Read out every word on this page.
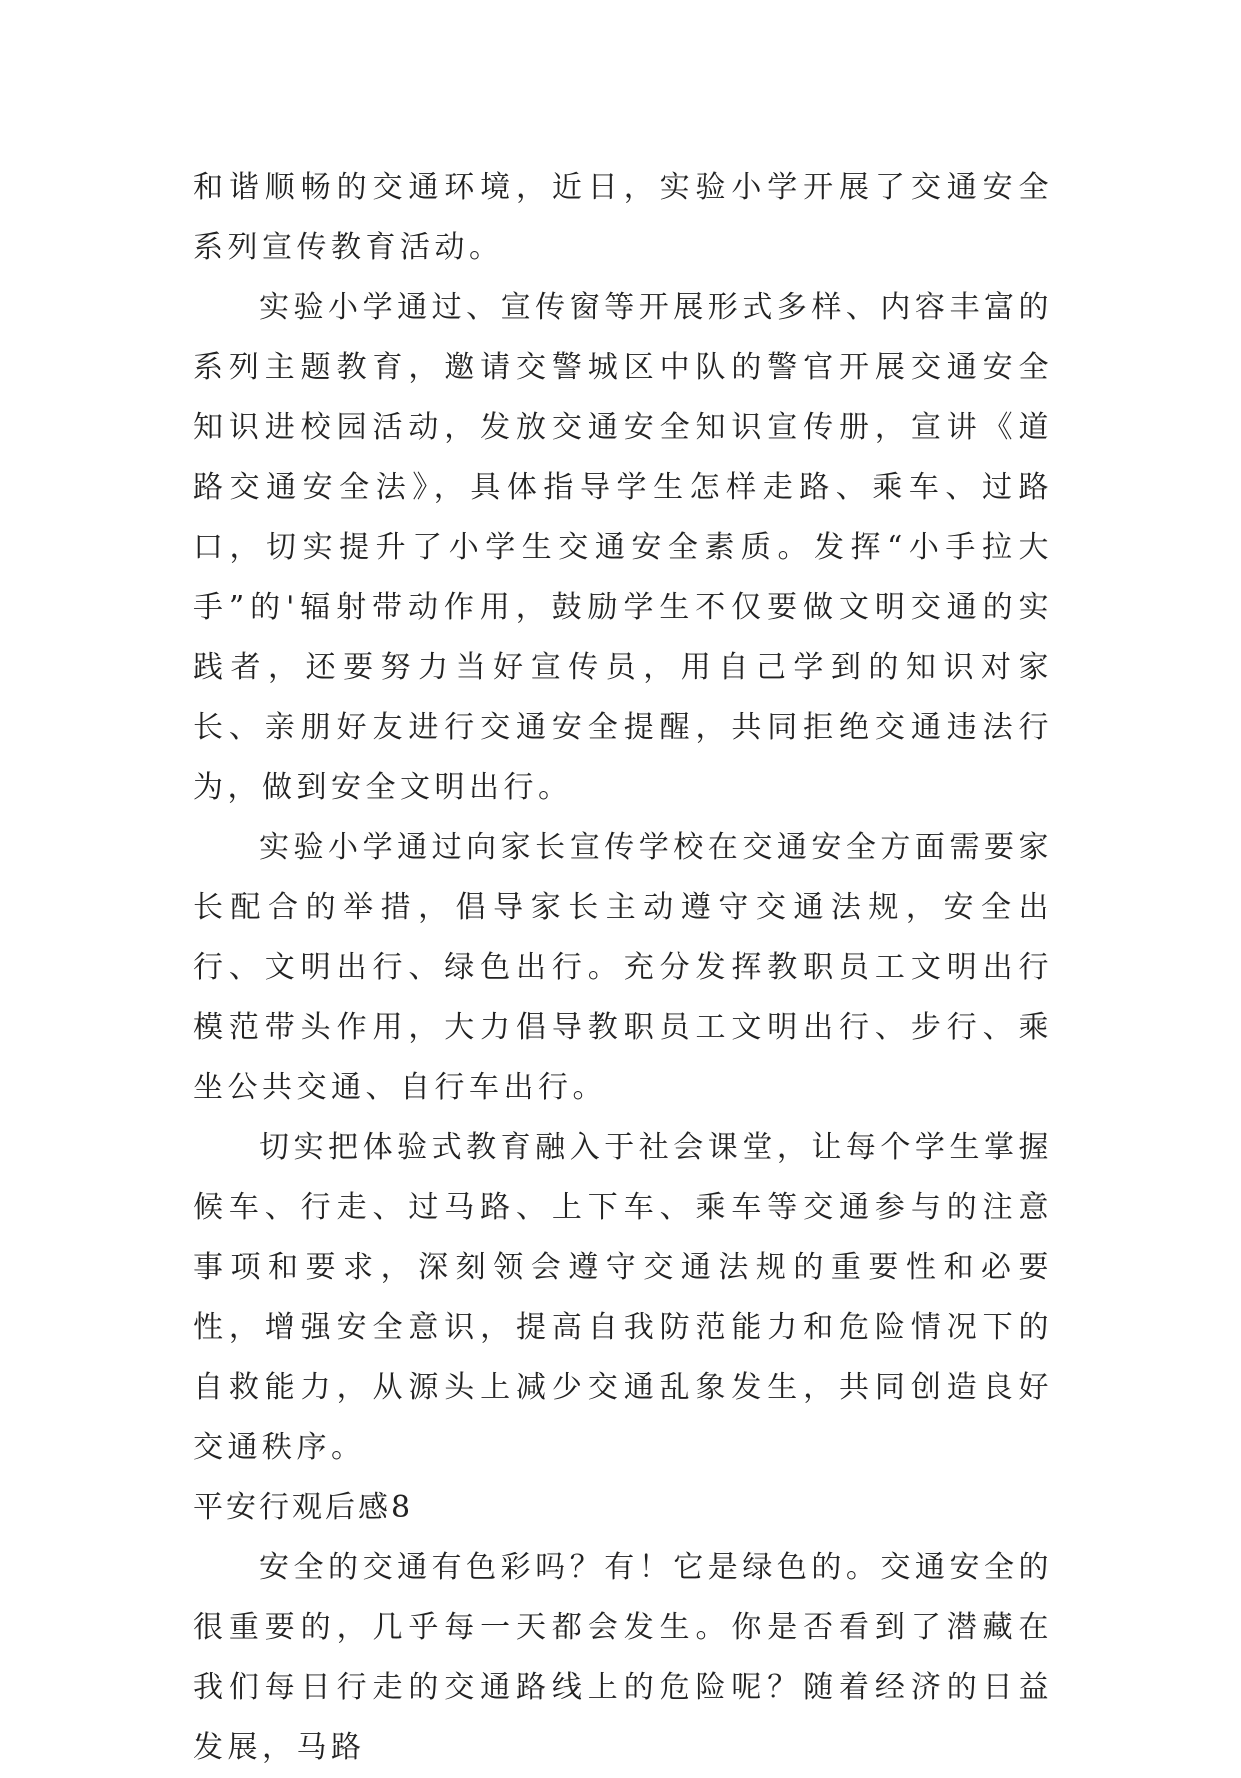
和谐顺畅的交通环境，近日，实验小学开展了交通安全系列宣传教育活动。

实验小学通过、宣传窗等开展形式多样、内容丰富的系列主题教育，邀请交警城区中队的警官开展交通安全知识进校园活动，发放交通安全知识宣传册，宣讲《道路交通安全法》，具体指导学生怎样走路、乘车、过路口，切实提升了小学生交通安全素质。发挥“小手拉大手”的'辐射带动作用，鼓励学生不仅要做文明交通的实践者，还要努力当好宣传员，用自己学到的知识对家长、亲朋好友进行交通安全提醒，共同拒绝交通违法行为，做到安全文明出行。

实验小学通过向家长宣传学校在交通安全方面需要家长配合的举措，倡导家长主动遵守交通法规，安全出行、文明出行、绿色出行。充分发挥教职员工文明出行模范带头作用，大力倡导教职员工文明出行、步行、乘坐公共交通、自行车出行。

切实把体验式教育融入于社会课堂，让每个学生掌握候车、行走、过马路、上下车、乘车等交通参与的注意事项和要求，深刻领会遵守交通法规的重要性和必要性，增强安全意识，提高自我防范能力和危险情况下的自救能力，从源头上减少交通乱象发生，共同创造良好交通秩序。

平安行观后感8

安全的交通有色彩吗？有！它是绿色的。交通安全的很重要的，几乎每一天都会发生。你是否看到了潜藏在我们每日行走的交通路线上的危险呢？随着经济的日益发展，马路
